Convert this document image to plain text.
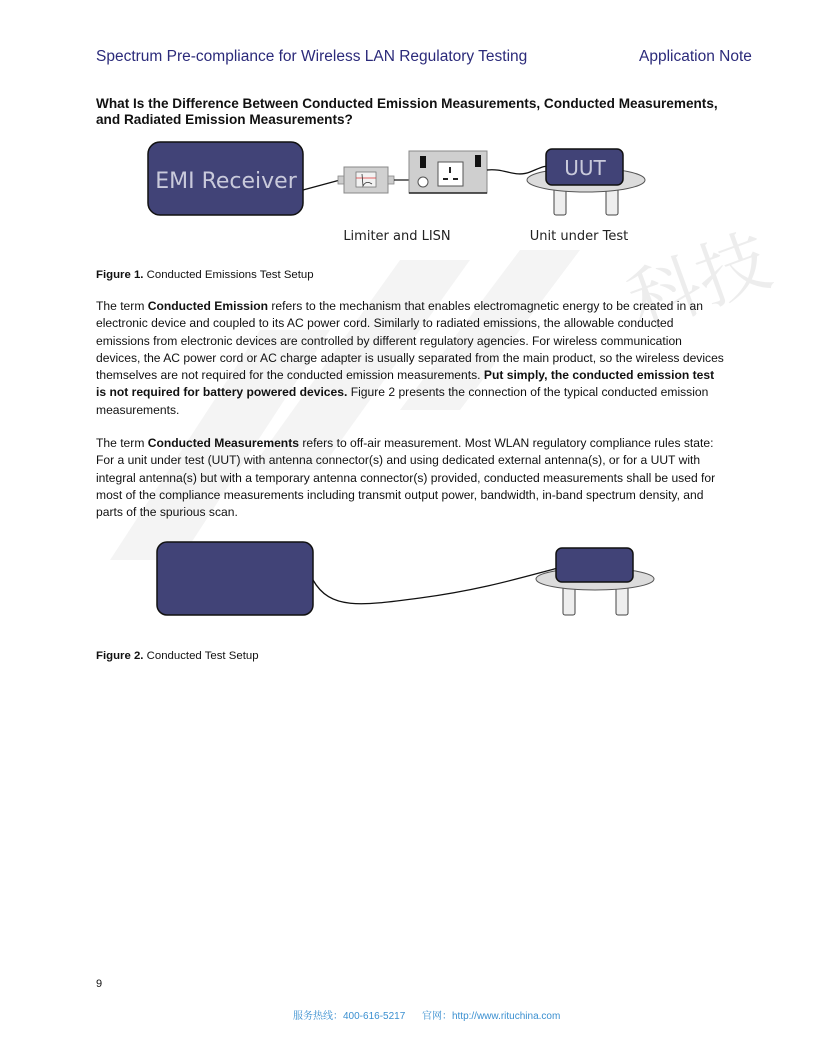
科技
Spectrum Pre-compliance for Wireless LAN Regulatory Testing	Application Note
What Is the Difference Between Conducted Emission Measurements, Conducted Measurements, and Radiated Emission Measurements?
EMI Receiver
UUT
Limiter and LISN	Unit under Test
Figure 1. Conducted Emissions Test Setup
The term Conducted Emission refers to the mechanism that enables electromagnetic energy to be created in an electronic device and coupled to its AC power cord. Similarly to radiated emissions, the allowable conducted emissions from electronic devices are controlled by different regulatory agencies. For wireless communication devices, the AC power cord or AC charge adapter is usually separated from the main product, so the wireless devices themselves are not required for the conducted emission measurements. Put simply, the conducted emission test is not required for battery powered devices. Figure 2 presents the connection of the typical conducted emission measurements.
The term Conducted Measurements refers to off-air measurement. Most WLAN regulatory compliance rules state: For a unit under test (UUT) with antenna connector(s) and using dedicated external antenna(s), or for a UUT with integral antenna(s) but with a temporary antenna connector(s) provided, conducted measurements shall be used for most of the compliance measurements including transmit output power, bandwidth, in-band spectrum density, and parts of the spurious scan.
Figure 2. Conducted Test Setup
9
服务热线：400-616-5217      官网：http://www.rituchina.com
